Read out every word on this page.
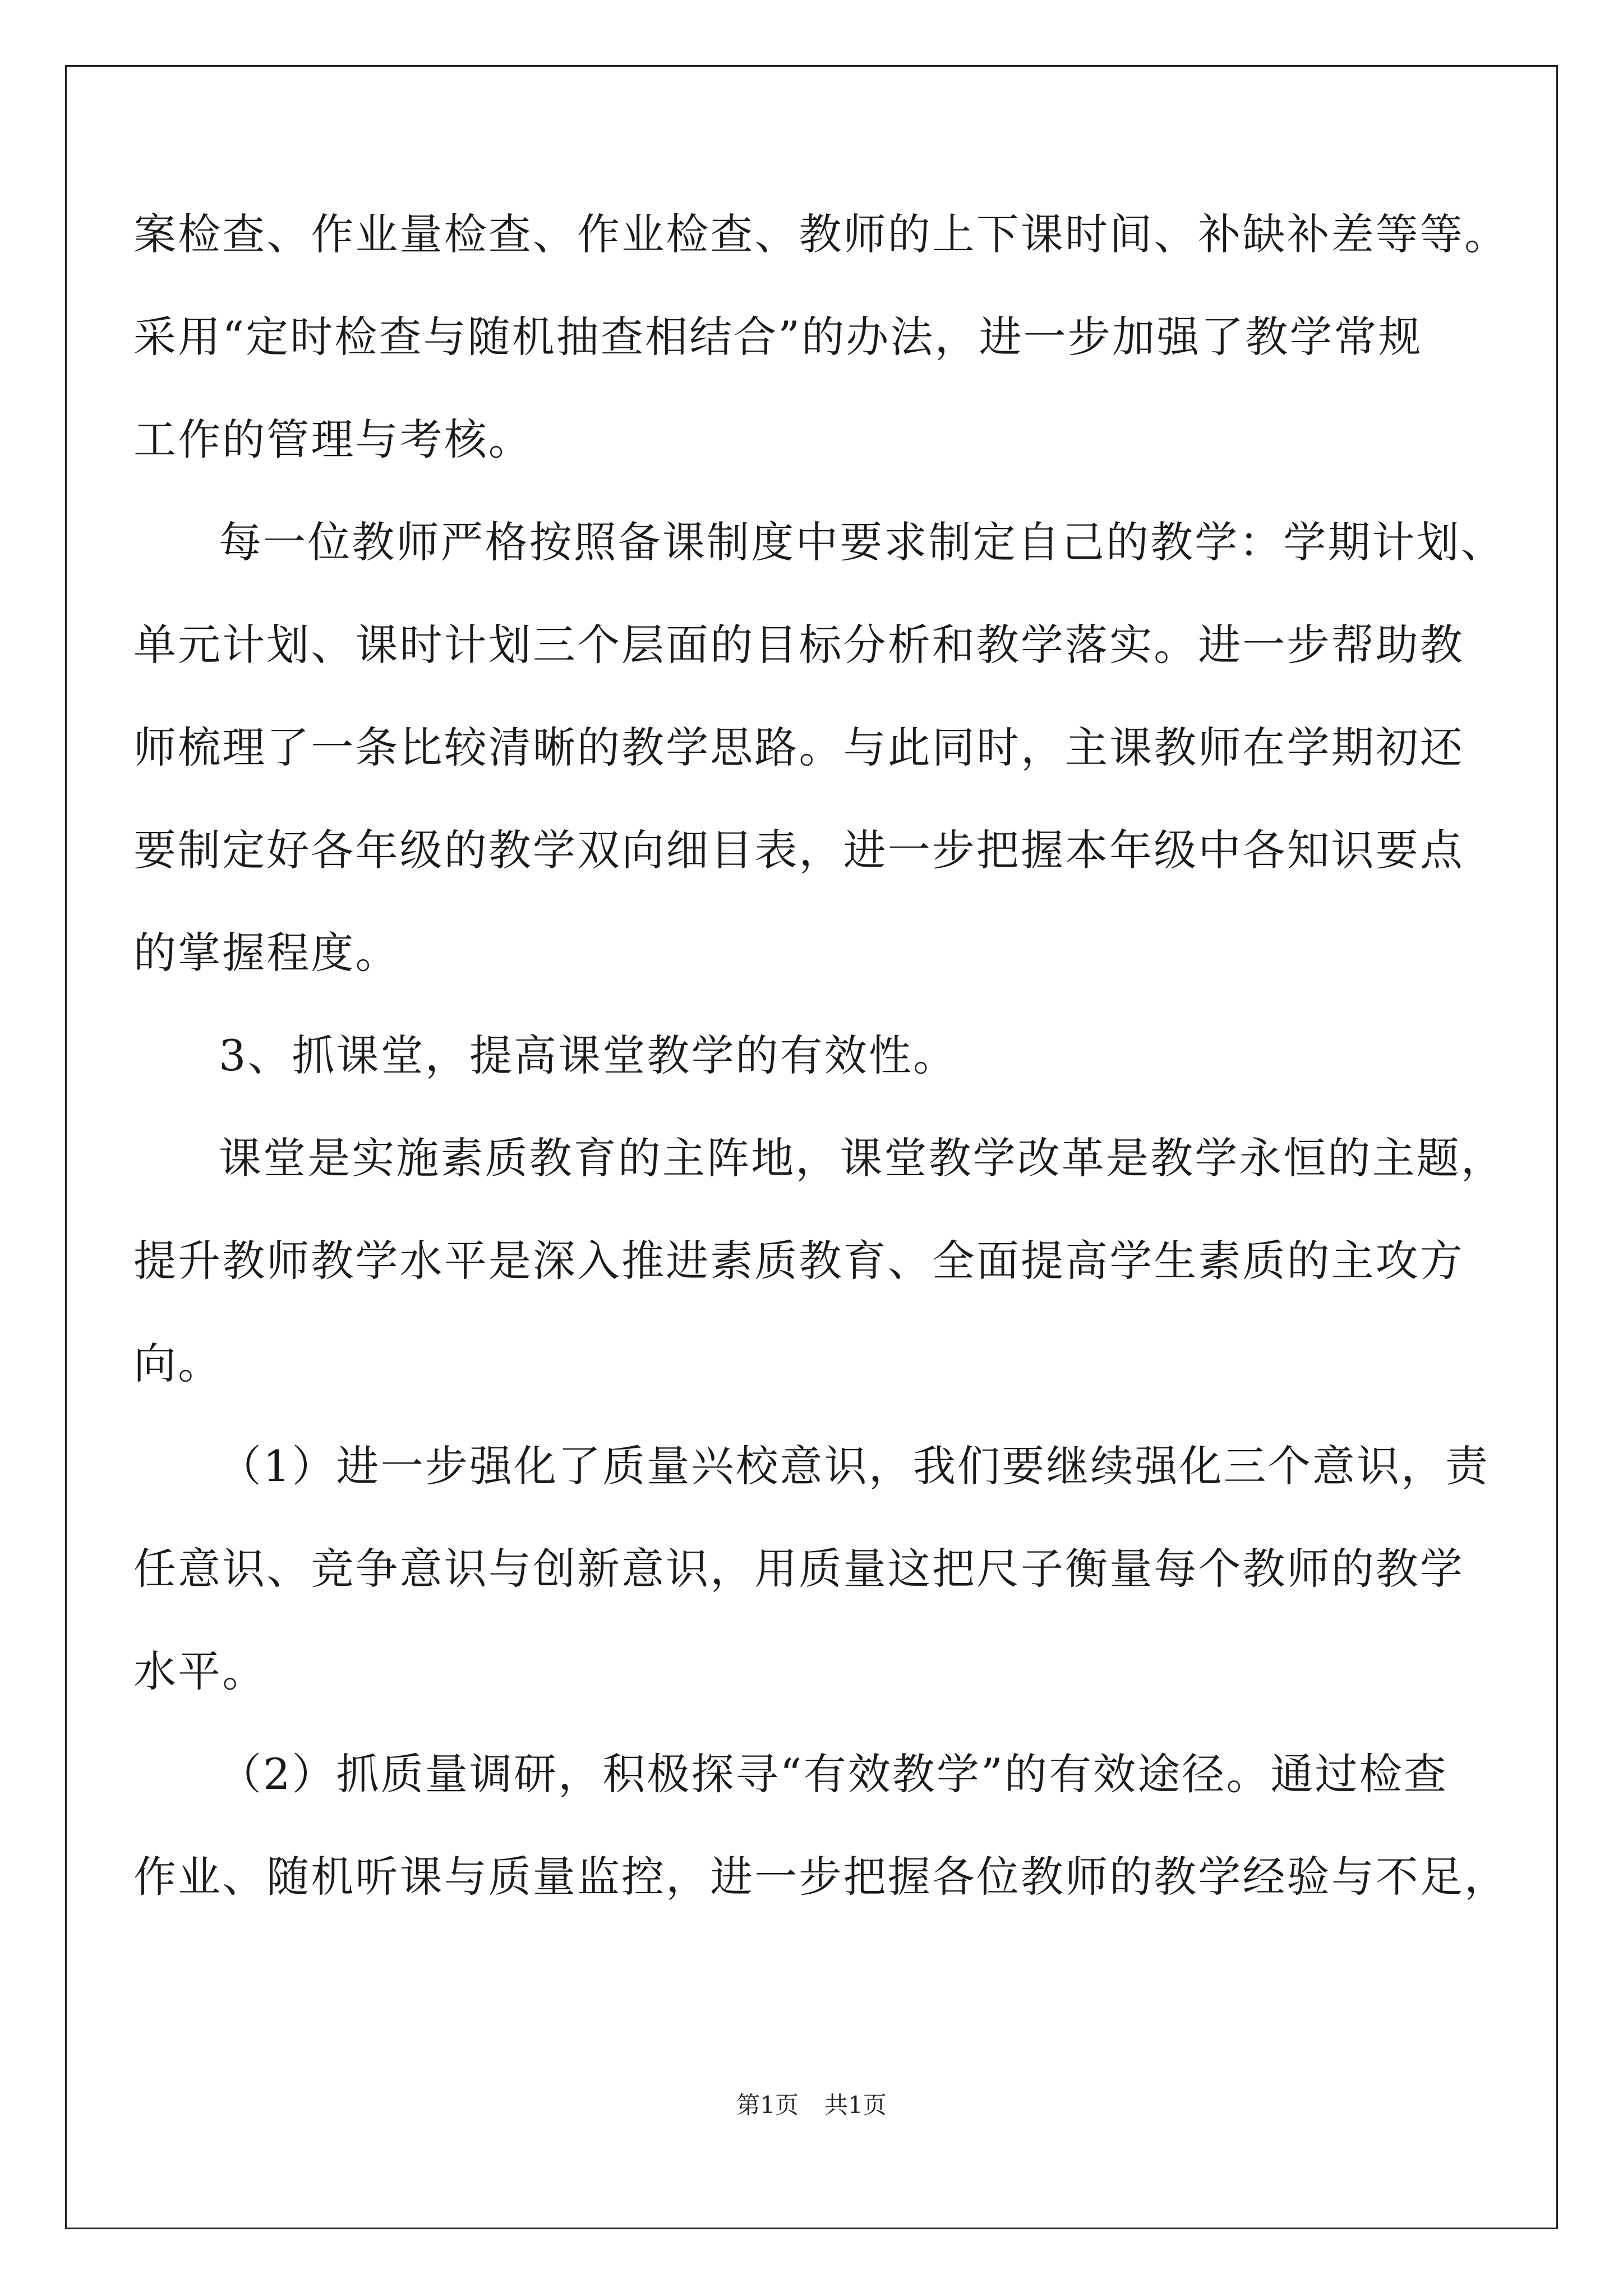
案检查、作业量检查、作业检查、教师的上下课时间、补缺补差等等。
采用“定时检查与随机抽查相结合”的办法，进一步加强了教学常规
工作的管理与考核。
每一位教师严格按照备课制度中要求制定自己的教学：学期计划、
单元计划、课时计划三个层面的目标分析和教学落实。进一步帮助教
师梳理了一条比较清晰的教学思路。与此同时，主课教师在学期初还
要制定好各年级的教学双向细目表，进一步把握本年级中各知识要点
的掌握程度。
3、抓课堂，提高课堂教学的有效性。
课堂是实施素质教育的主阵地，课堂教学改革是教学永恒的主题，
提升教师教学水平是深入推进素质教育、全面提高学生素质的主攻方
向。
（1）进一步强化了质量兴校意识，我们要继续强化三个意识，责
任意识、竞争意识与创新意识，用质量这把尺子衡量每个教师的教学
水平。
（2）抓质量调研，积极探寻“有效教学”的有效途径。通过检查
作业、随机听课与质量监控，进一步把握各位教师的教学经验与不足，
第1页 共1页
